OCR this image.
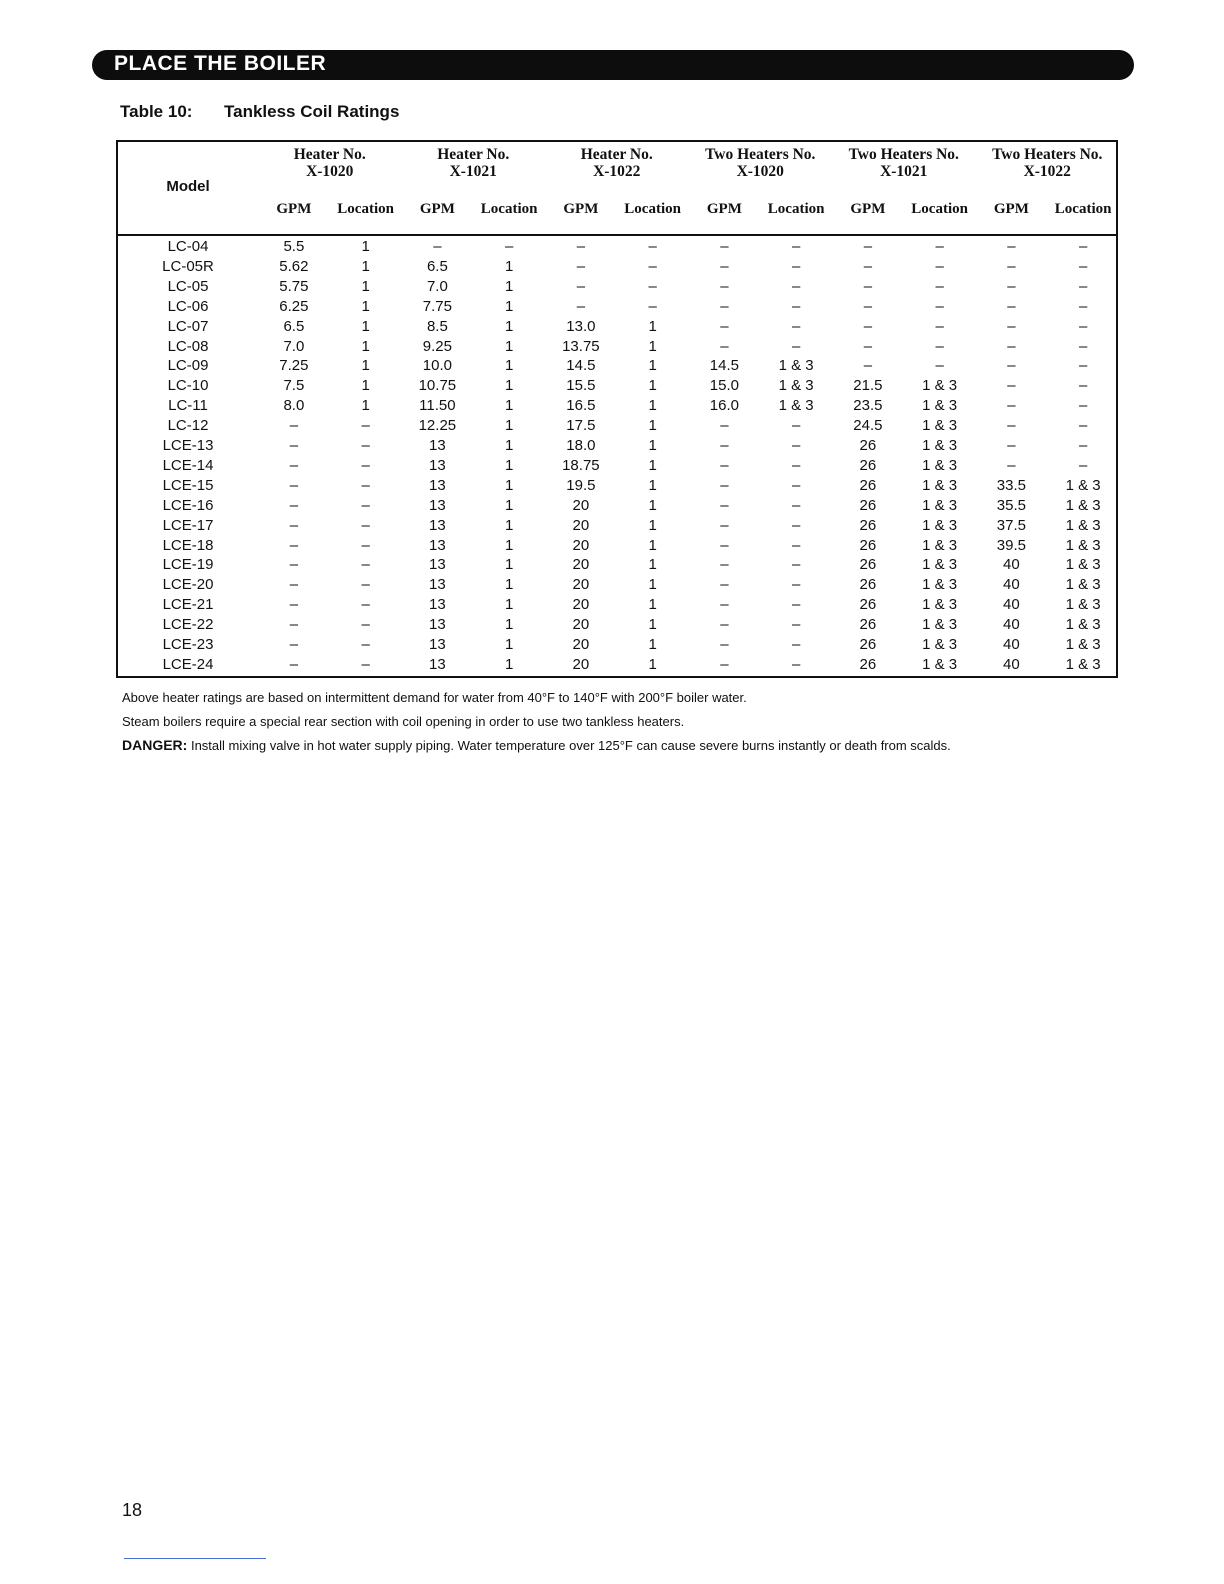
PLACE THE BOILER
Table 10: Tankless Coil Ratings
Model
Heater No.
X-1020
GPM	Location
Heater No.
X-1021
GPM	Location
Heater No.
X-1022
GPM	Location
Two Heaters No.
X-1020
GPM	Location
Two Heaters No.
X-1021
GPM	Location
Two Heaters No.
X-1022
GPM	Location
LC-04	5.5	1	–	–	–	–	–	–	–	–	–	–
LC-05R	5.62	1	6.5	1	–	–	–	–	–	–	–	–
LC-05	5.75	1	7.0	1	–	–	–	–	–	–	–	–
LC-06	6.25	1	7.75	1	–	–	–	–	–	–	–	–
LC-07	6.5	1	8.5	1	13.0	1	–	–	–	–	–	–
LC-08	7.0	1	9.25	1	13.75	1	–	–	–	–	–	–
LC-09	7.25	1	10.0	1	14.5	1	14.5	1 & 3	–	–	–	–
LC-10	7.5	1	10.75	1	15.5	1	15.0	1 & 3	21.5	1 & 3	–	–
LC-11	8.0	1	11.50	1	16.5	1	16.0	1 & 3	23.5	1 & 3	–	–
LC-12	–	–	12.25	1	17.5	1	–	–	24.5	1 & 3	–	–
LCE-13	–	–	13	1	18.0	1	–	–	26	1 & 3	–	–
LCE-14	–	–	13	1	18.75	1	–	–	26	1 & 3	–	–
LCE-15	–	–	13	1	19.5	1	–	–	26	1 & 3	33.5	1 & 3
LCE-16	–	–	13	1	20	1	–	–	26	1 & 3	35.5	1 & 3
LCE-17	–	–	13	1	20	1	–	–	26	1 & 3	37.5	1 & 3
LCE-18	–	–	13	1	20	1	–	–	26	1 & 3	39.5	1 & 3
LCE-19	–	–	13	1	20	1	–	–	26	1 & 3	40	1 & 3
LCE-20	–	–	13	1	20	1	–	–	26	1 & 3	40	1 & 3
LCE-21	–	–	13	1	20	1	–	–	26	1 & 3	40	1 & 3
LCE-22	–	–	13	1	20	1	–	–	26	1 & 3	40	1 & 3
LCE-23	–	–	13	1	20	1	–	–	26	1 & 3	40	1 & 3
LCE-24	–	–	13	1	20	1	–	–	26	1 & 3	40	1 & 3
Above heater ratings are based on intermittent demand for water from 40°F to 140°F with 200°F boiler water.
Steam boilers require a special rear section with coil opening in order to use two tankless heaters.
DANGER: Install mixing valve in hot water supply piping. Water temperature over 125°F can cause severe burns instantly or death from scalds.
18
